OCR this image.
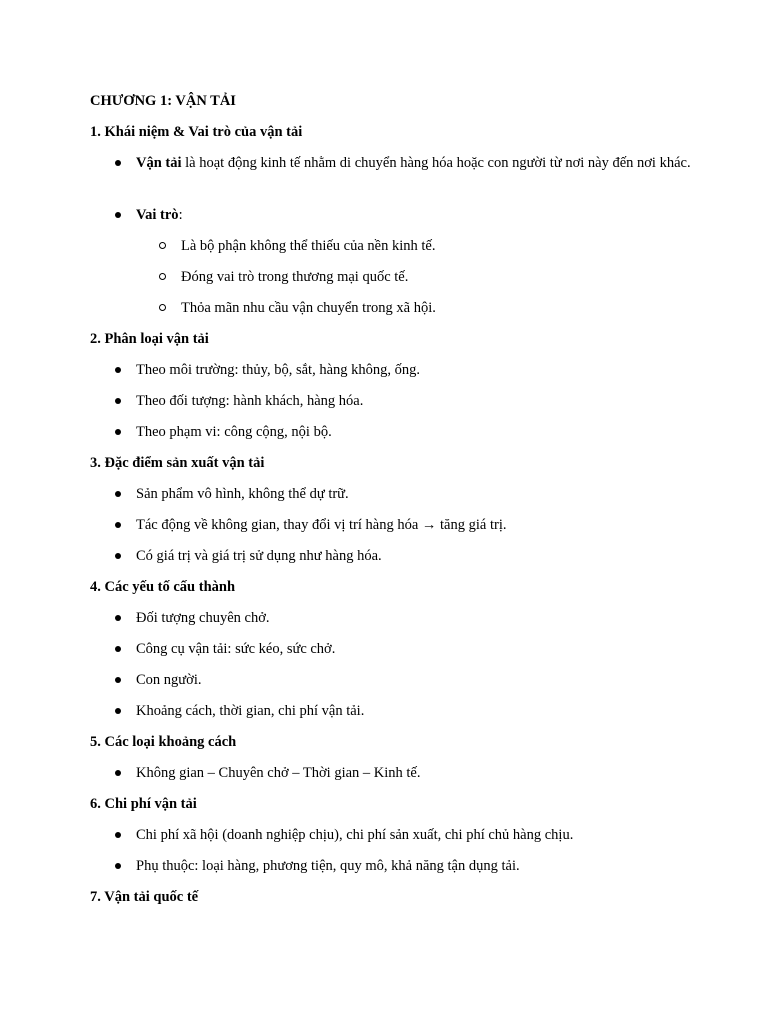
CHƯƠNG 1: VẬN TẢI
1. Khái niệm & Vai trò của vận tải
Vận tải là hoạt động kinh tế nhằm di chuyển hàng hóa hoặc con người từ nơi này đến nơi khác.
Vai trò:
Là bộ phận không thể thiếu của nền kinh tế.
Đóng vai trò trong thương mại quốc tế.
Thỏa mãn nhu cầu vận chuyển trong xã hội.
2. Phân loại vận tải
Theo môi trường: thủy, bộ, sắt, hàng không, ống.
Theo đối tượng: hành khách, hàng hóa.
Theo phạm vi: công cộng, nội bộ.
3. Đặc điểm sản xuất vận tải
Sản phẩm vô hình, không thể dự trữ.
Tác động về không gian, thay đổi vị trí hàng hóa → tăng giá trị.
Có giá trị và giá trị sử dụng như hàng hóa.
4. Các yếu tố cấu thành
Đối tượng chuyên chở.
Công cụ vận tải: sức kéo, sức chở.
Con người.
Khoảng cách, thời gian, chi phí vận tải.
5. Các loại khoảng cách
Không gian – Chuyên chở – Thời gian – Kinh tế.
6. Chi phí vận tải
Chi phí xã hội (doanh nghiệp chịu), chi phí sản xuất, chi phí chủ hàng chịu.
Phụ thuộc: loại hàng, phương tiện, quy mô, khả năng tận dụng tải.
7. Vận tải quốc tế
